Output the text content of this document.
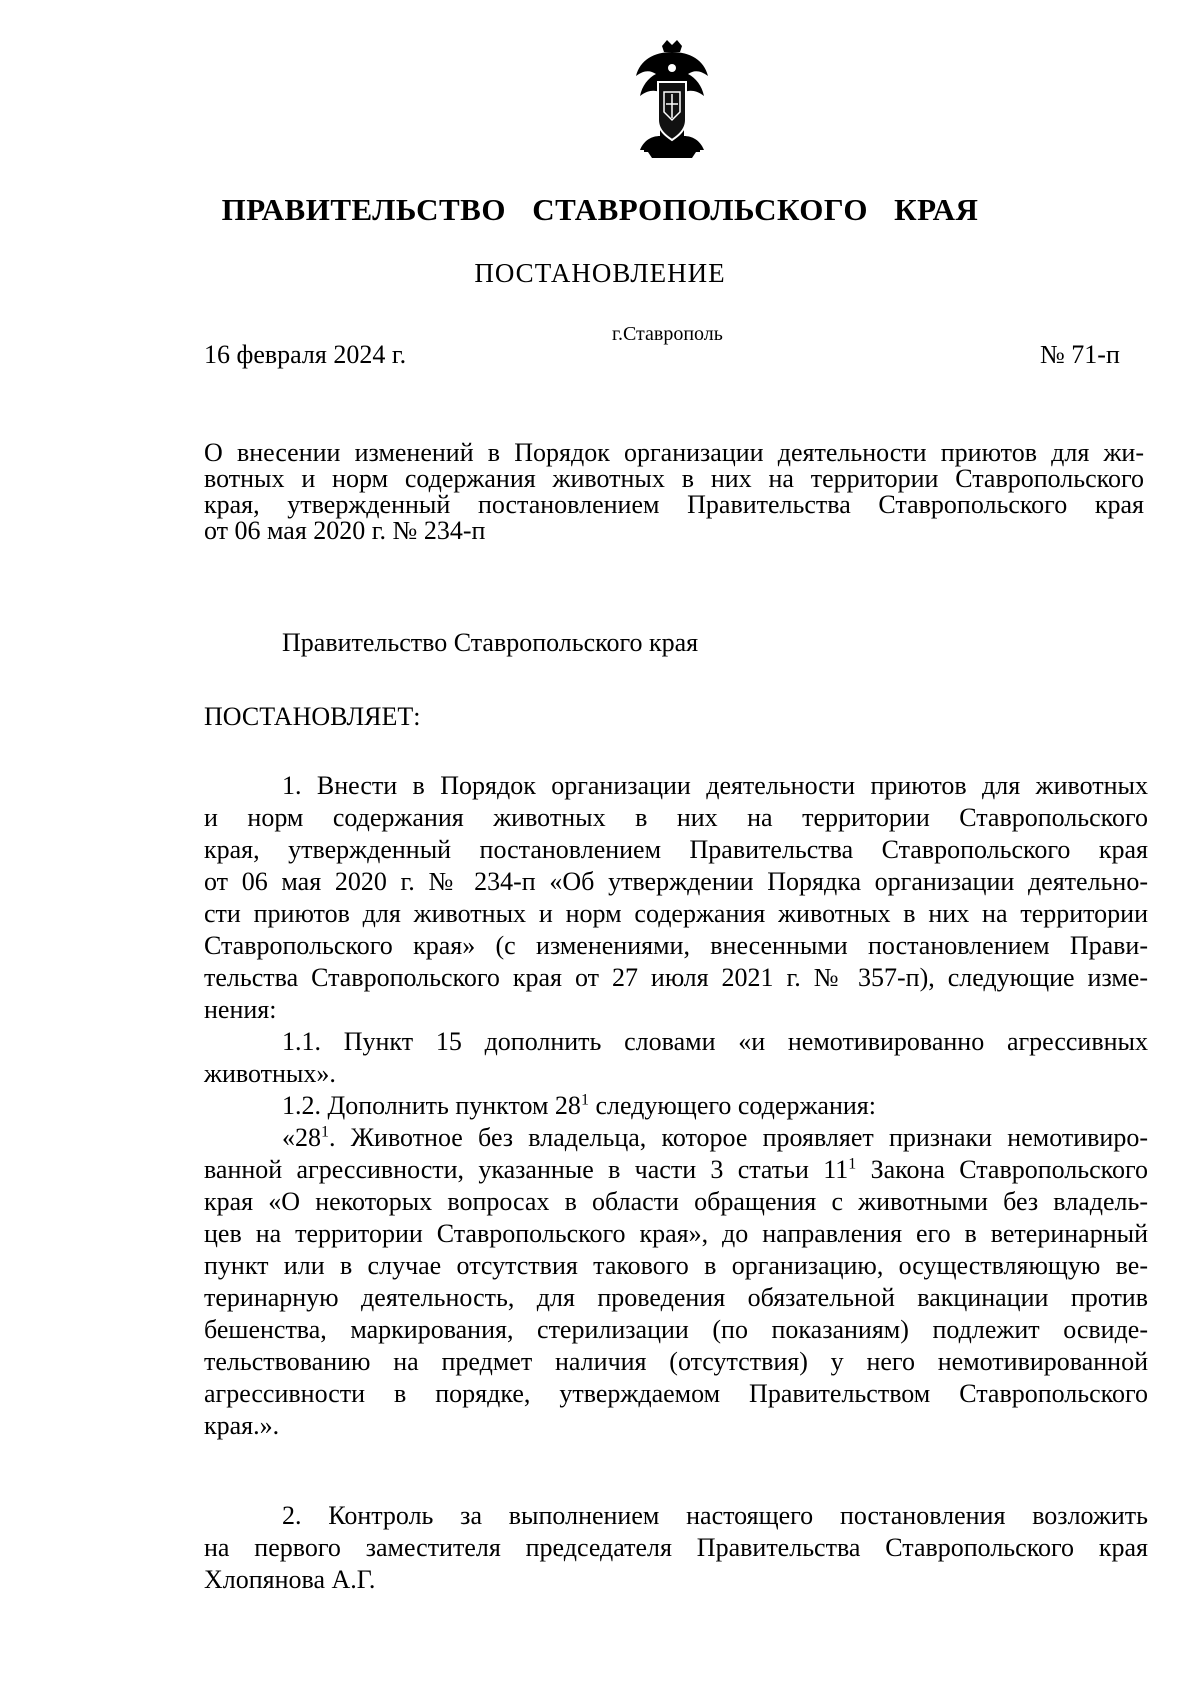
ПРАВИТЕЛЬСТВО СТАВРОПОЛЬСКОГО КРАЯ
ПОСТАНОВЛЕНИЕ
16 февраля 2024 г.
г.Ставрополь
№ 71-п
О внесении изменений в Порядок организации деятельности приютов для жи-
вотных и норм содержания животных в них на территории Ставропольского
края, утвержденный постановлением Правительства Ставропольского края
от 06 мая 2020 г. № 234-п
Правительство Ставропольского края
ПОСТАНОВЛЯЕТ:
1. Внести в Порядок организации деятельности приютов для животных
и норм содержания животных в них на территории Ставропольского
края, утвержденный постановлением Правительства Ставропольского края
от 06 мая 2020 г. № 234-п «Об утверждении Порядка организации деятельно-
сти приютов для животных и норм содержания животных в них на территории
Ставропольского края» (с изменениями, внесенными постановлением Прави-
тельства Ставропольского края от 27 июля 2021 г. № 357-п), следующие изме-
нения:
1.1. Пункт 15 дополнить словами «и немотивированно агрессивных
животных».
1.2. Дополнить пунктом $28^1$ следующего содержания:
«$28^1$. Животное без владельца, которое проявляет признаки немотивиро-
ванной агрессивности, указанные в части 3 статьи $11^1$ Закона Ставропольского
края «О некоторых вопросах в области обращения с животными без владель-
цев на территории Ставропольского края», до направления его в ветеринарный
пункт или в случае отсутствия такового в организацию, осуществляющую ве-
теринарную деятельность, для проведения обязательной вакцинации против
бешенства, маркирования, стерилизации (по показаниям) подлежит освиде-
тельствованию на предмет наличия (отсутствия) у него немотивированной
агрессивности в порядке, утверждаемом Правительством Ставропольского
края.».
2. Контроль за выполнением настоящего постановления возложить
на первого заместителя председателя Правительства Ставропольского края
Хлопянова А.Г.
